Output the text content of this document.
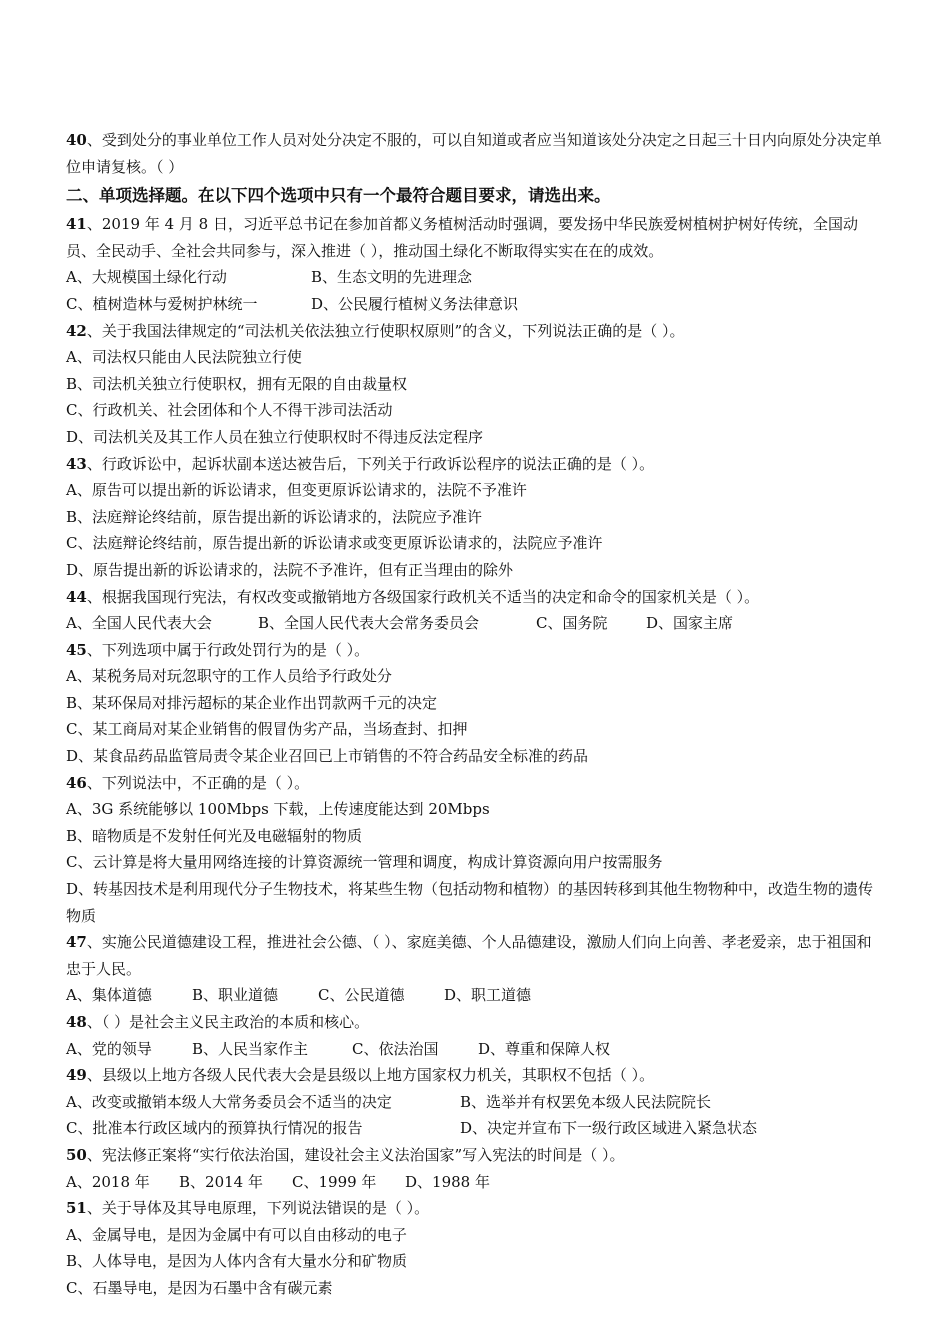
40、受到处分的事业单位工作人员对处分决定不服的，可以自知道或者应当知道该处分决定之日起三十日内向原处分决定单位申请复核。（ ）
二、单项选择题。在以下四个选项中只有一个最符合题目要求，请选出来。
41、2019 年 4 月 8 日，习近平总书记在参加首都义务植树活动时强调，要发扬中华民族爱树植树护树好传统，全国动员、全民动手、全社会共同参与，深入推进（ ），推动国土绿化不断取得实实在在的成效。
A、大规模国土绿化行动	B、生态文明的先进理念
C、植树造林与爱树护林统一	D、公民履行植树义务法律意识
42、关于我国法律规定的“司法机关依法独立行使职权原则”的含义，下列说法正确的是（ ）。
A、司法权只能由人民法院独立行使
B、司法机关独立行使职权，拥有无限的自由裁量权
C、行政机关、社会团体和个人不得干涉司法活动
D、司法机关及其工作人员在独立行使职权时不得违反法定程序
43、行政诉讼中，起诉状副本送达被告后，下列关于行政诉讼程序的说法正确的是（ ）。
A、原告可以提出新的诉讼请求，但变更原诉讼请求的，法院不予准许
B、法庭辩论终结前，原告提出新的诉讼请求的，法院应予准许
C、法庭辩论终结前，原告提出新的诉讼请求或变更原诉讼请求的，法院应予准许
D、原告提出新的诉讼请求的，法院不予准许，但有正当理由的除外
44、根据我国现行宪法，有权改变或撤销地方各级国家行政机关不适当的决定和命令的国家机关是（ ）。
A、全国人民代表大会	B、全国人民代表大会常务委员会	C、国务院	D、国家主席
45、下列选项中属于行政处罚行为的是（ ）。
A、某税务局对玩忽职守的工作人员给予行政处分
B、某环保局对排污超标的某企业作出罚款两千元的决定
C、某工商局对某企业销售的假冒伪劣产品，当场查封、扣押
D、某食品药品监管局责令某企业召回已上市销售的不符合药品安全标准的药品
46、下列说法中，不正确的是（ ）。
A、3G 系统能够以 100Mbps 下载，上传速度能达到 20Mbps
B、暗物质是不发射任何光及电磁辐射的物质
C、云计算是将大量用网络连接的计算资源统一管理和调度，构成计算资源向用户按需服务
D、转基因技术是利用现代分子生物技术，将某些生物（包括动物和植物）的基因转移到其他生物物种中，改造生物的遗传物质
47、实施公民道德建设工程，推进社会公德、（ ）、家庭美德、个人品德建设，激励人们向上向善、孝老爱亲，忠于祖国和忠于人民。
A、集体道德	B、职业道德	C、公民道德	D、职工道德
48、（ ）是社会主义民主政治的本质和核心。
A、党的领导	B、人民当家作主	C、依法治国	D、尊重和保障人权
49、县级以上地方各级人民代表大会是县级以上地方国家权力机关，其职权不包括（ ）。
A、改变或撤销本级人大常务委员会不适当的决定	B、选举并有权罢免本级人民法院院长
C、批准本行政区域内的预算执行情况的报告	D、决定并宣布下一级行政区域进入紧急状态
50、宪法修正案将“实行依法治国，建设社会主义法治国家”写入宪法的时间是（ ）。
A、2018 年	B、2014 年	C、1999 年	D、1988 年
51、关于导体及其导电原理，下列说法错误的是（ ）。
A、金属导电，是因为金属中有可以自由移动的电子
B、人体导电，是因为人体内含有大量水分和矿物质
C、石墨导电，是因为石墨中含有碳元素
